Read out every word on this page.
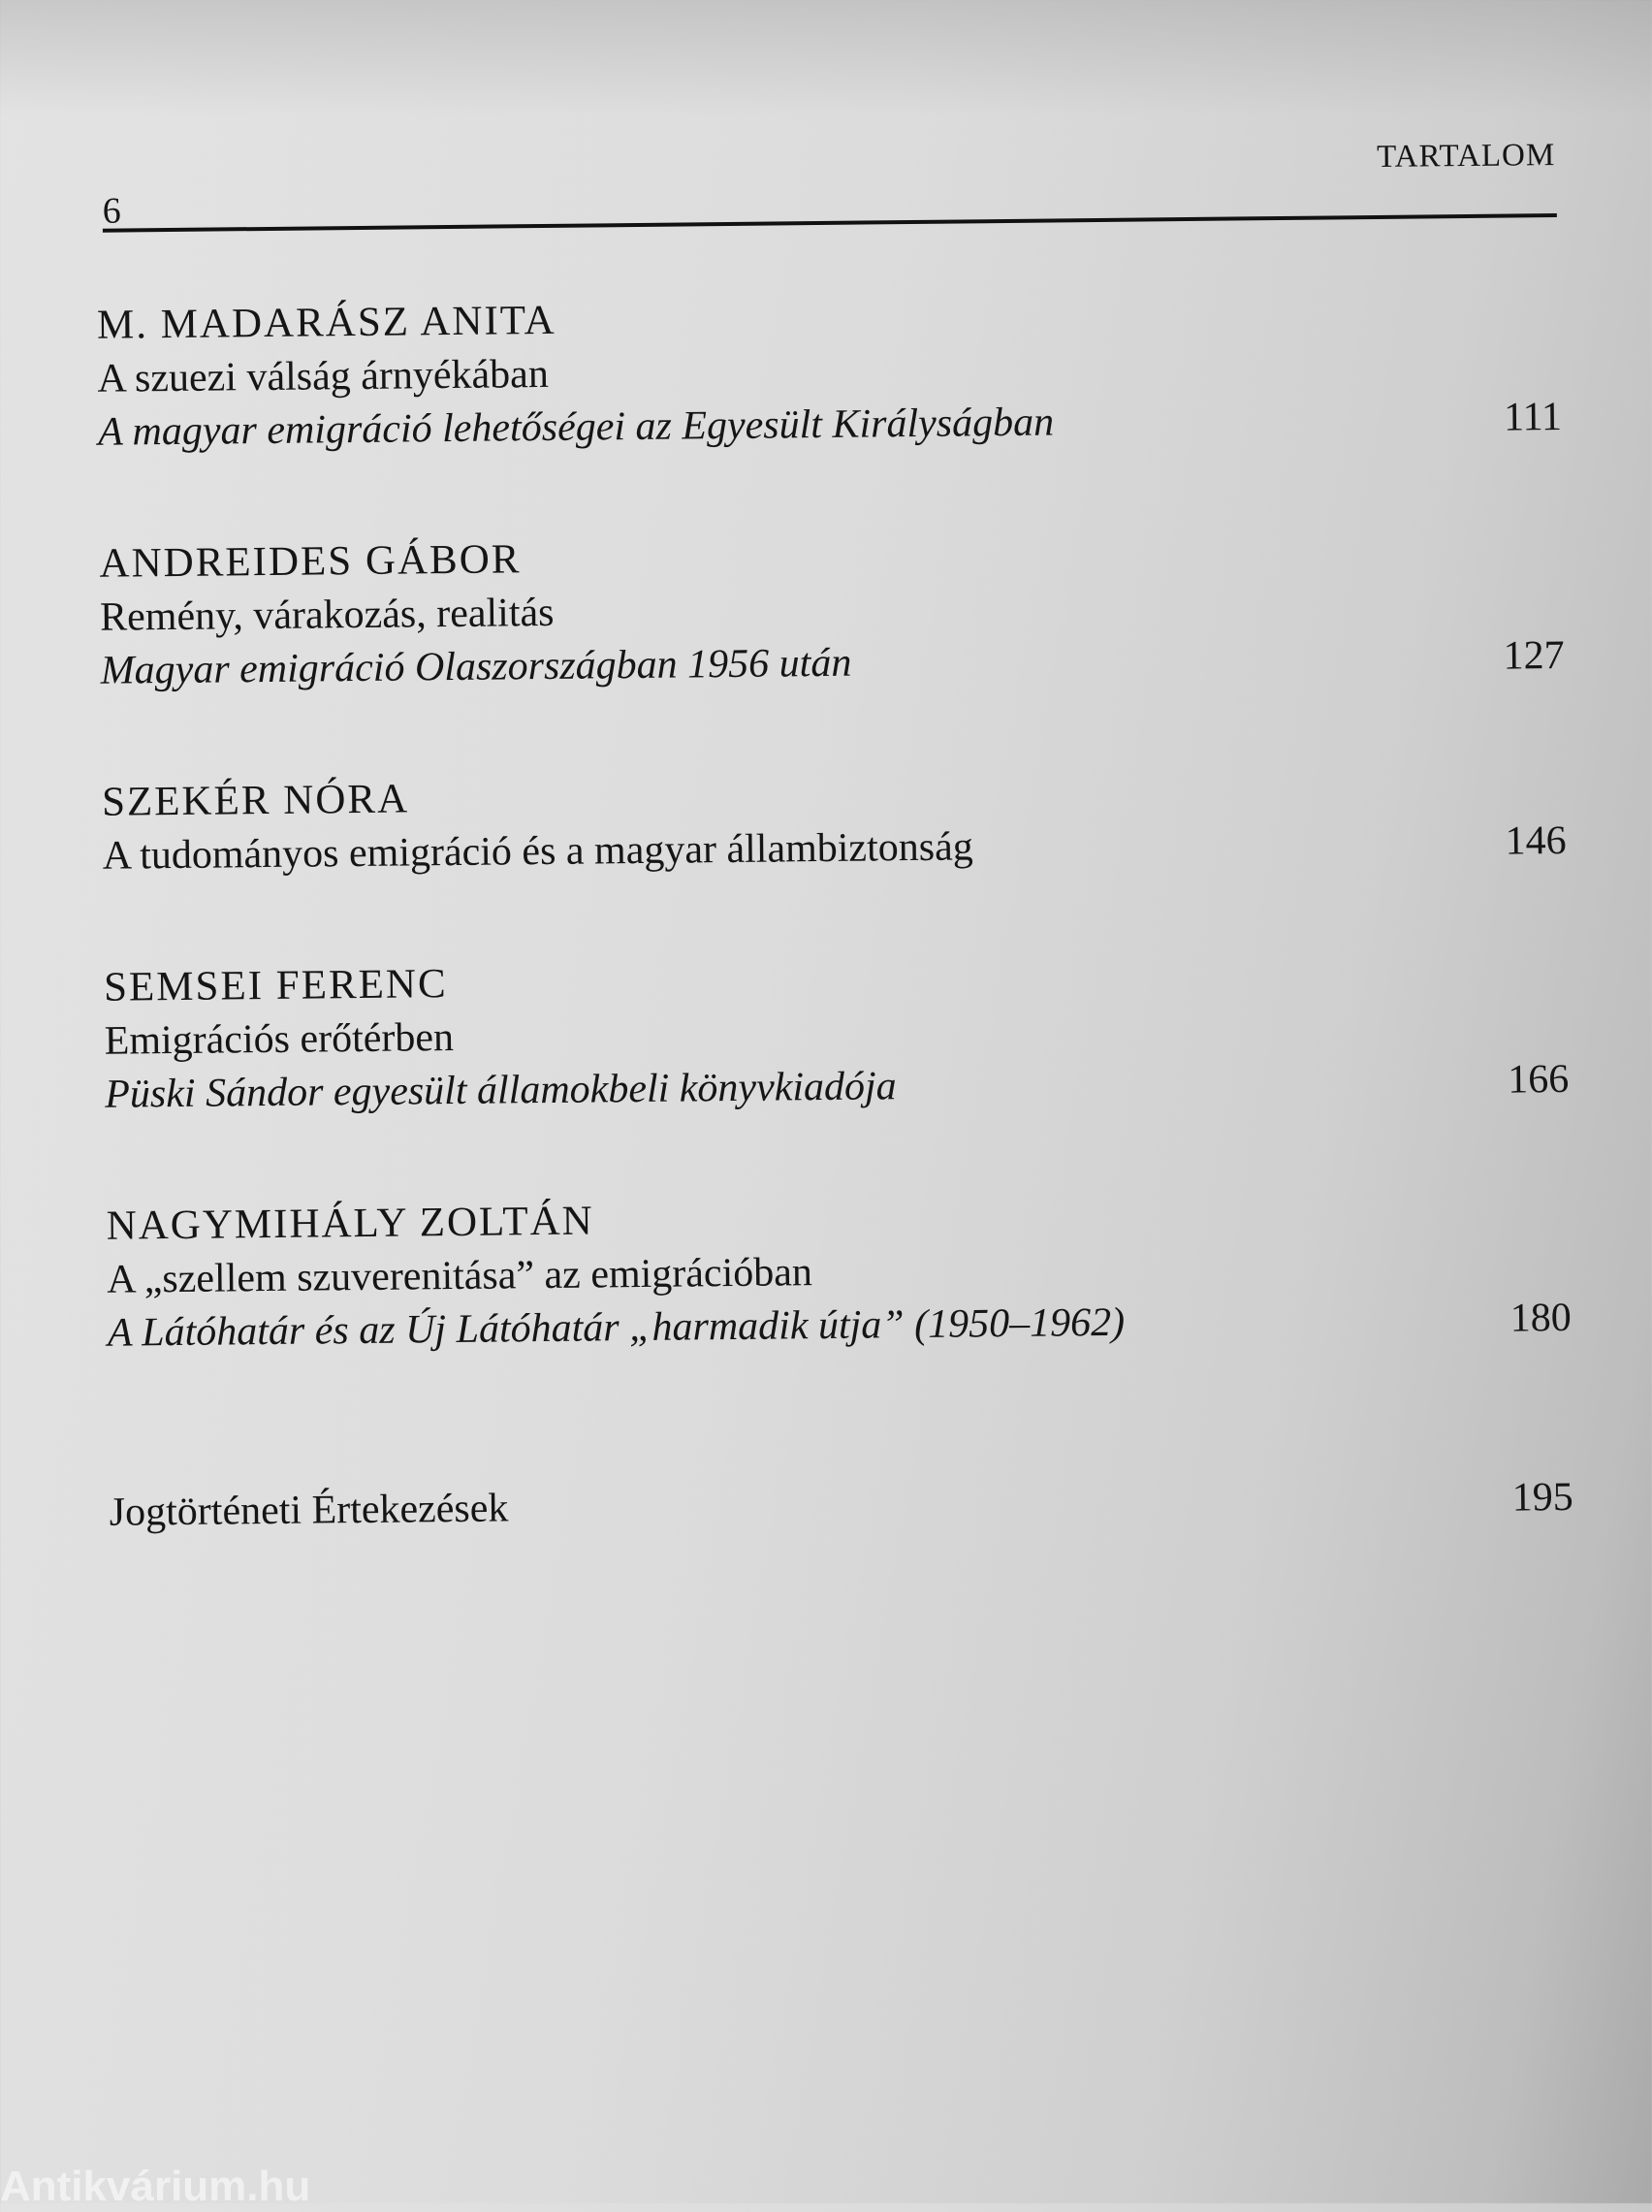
6
TARTALOM
M. MADARÁSZ ANITA
A szuezi válság árnyékában
A magyar emigráció lehetőségei az Egyesült Királyságban	111
ANDREIDES GÁBOR
Remény, várakozás, realitás
Magyar emigráció Olaszországban 1956 után	127
SZEKÉR NÓRA
A tudományos emigráció és a magyar állambiztonság	146
SEMSEI FERENC
Emigrációs erőtérben
Püski Sándor egyesült államokbeli könyvkiadója	166
NAGYMIHÁLY ZOLTÁN
A „szellem szuverenitása” az emigrációban
A Látóhatár és az Új Látóhatár „harmadik útja” (1950–1962)	180
Jogtörténeti Értekezések	195
Antikvárium.hu
